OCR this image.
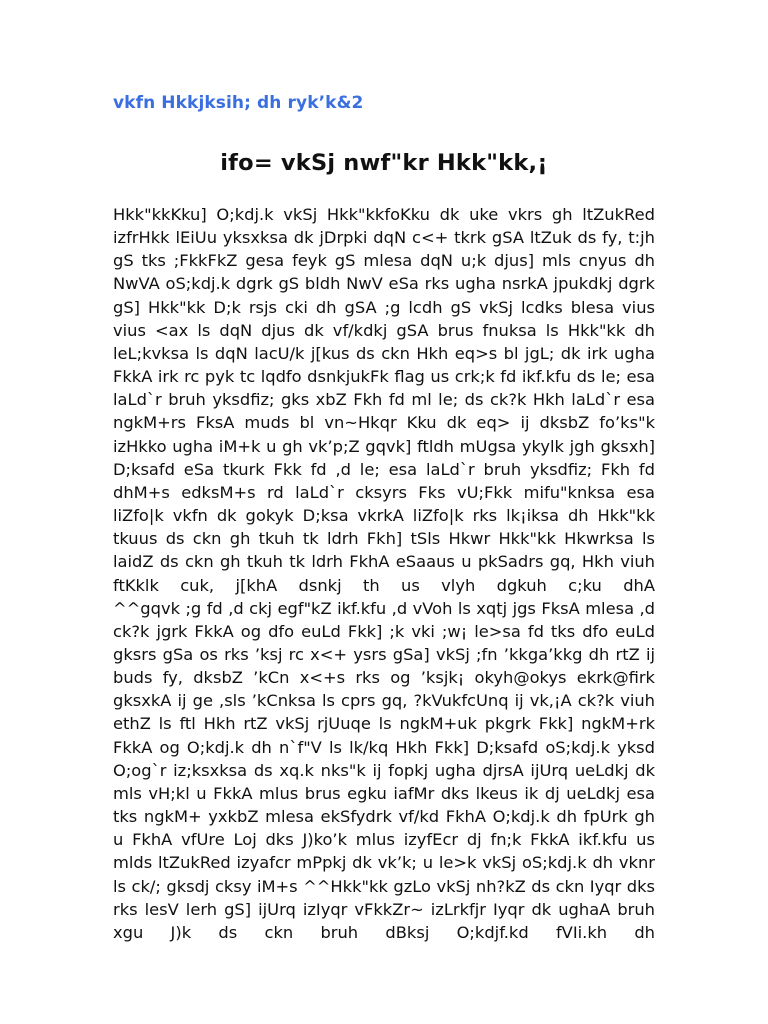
vkfn Hkkjksih; dh ryk’k&2
ifo= vkSj nwf"kr Hkk"kk,¡

Hkk"kkKku] O;kdj.k vkSj Hkk"kkfoKku dk uke vkrs gh ltZukRed izfrHkk lEiUu yksxksa dk jDrpki dqN c<+ tkrk gSA ltZuk ds fy, t:jh gS tks ;FkkFkZ gesa feyk gS mlesa dqN u;k djus] mls cnyus dh NwVA oS;kdj.k dgrk gS bldh NwV eSa rks ugha nsrkA jpukdkj dgrk gS] Hkk"kk D;k rsjs cki dh gSA ;g lcdh gS vkSj lcdks blesa vius vius <ax ls dqN djus dk vf/kdkj gSA brus fnuksa ls Hkk"kk dh leL;kvksa ls dqN lacU/k j[kus ds ckn Hkh eq>s bl jgL; dk irk ugha FkkA irk rc pyk tc lqdfo dsnkjukFk flag us crk;k fd ikf.kfu ds le; esa laLd`r bruh yksdfiz; gks xbZ Fkh fd ml le; ds ck?k Hkh laLd`r esa ngkM+rs FksA muds bl vn~Hkqr Kku dk eq> ij dksbZ fo’ks"k izHkko ugha iM+k u gh vk’p;Z gqvk] ftldh mUgsa ykylk jgh gksxh] D;ksafd eSa tkurk Fkk fd ,d le; esa laLd`r bruh yksdfiz; Fkh fd dhM+s edksM+s rd laLd`r cksyrs Fks vU;Fkk mifu"knksa esa liZfo|k vkfn dk gokyk D;ksa vkrkA liZfo|k rks lk¡iksa dh Hkk"kk tkuus ds ckn gh tkuh tk ldrh Fkh] tSls Hkwr Hkk"kk Hkwrksa ls laidZ ds ckn gh tkuh tk ldrh FkhA eSaaus u pkSadrs gq, Hkh viuh ftKklk cuk, j[khA dsnkj th us vlyh dgkuh c;ku dhA

^^gqvk ;g fd ,d ckj egf"kZ ikf.kfu ,d vVoh ls xqtj jgs FksA mlesa ,d ck?k jgrk FkkA og dfo euLd Fkk] ;k vki ;w¡ le>sa fd tks dfo euLd gksrs gSa os rks ’ksj rc x<+ ysrs gSa] vkSj ;fn ’kkga’kkg dh rtZ ij buds fy, dksbZ ’kCn x<+s rks og ’ksjk¡ okyh@okys ekrk@firk gksxkA ij ge ,sls ’kCnksa ls cprs gq, ?kVukfcUnq ij vk,¡A ck?k viuh ethZ ls ftl Hkh rtZ vkSj rjUuqe ls ngkM+uk pkgrk Fkk] ngkM+rk FkkA og O;kdj.k dh n`f"V ls lk/kq Hkh Fkk] D;ksafd oS;kdj.k yksd O;og`r iz;ksxksa ds xq.k nks"k ij fopkj ugha djrsA ijUrq ueLdkj dk mls vH;kl u FkkA mlus brus egku iafMr dks lkeus ik dj ueLdkj esa tks ngkM+ yxkbZ mlesa ekSfydrk vf/kd FkhA O;kdj.k dh fpUrk gh u FkhA vfUre Loj dks J)ko’k mlus izyfEcr dj fn;k FkkA ikf.kfu us mlds ltZukRed izyafcr mPpkj dk vk’k; u le>k vkSj oS;kdj.k dh vknr ls ck/; gksdj cksy iM+s ^^Hkk"kk gzLo vkSj nh?kZ ds ckn Iyqr dks rks lesV lerh gS] ijUrq izIyqr vFkkZr~ izLrkfjr Iyqr dk ughaA bruh xgu J)k ds ckn bruh dBksj O;kdjf.kd fVIi.kh dh
